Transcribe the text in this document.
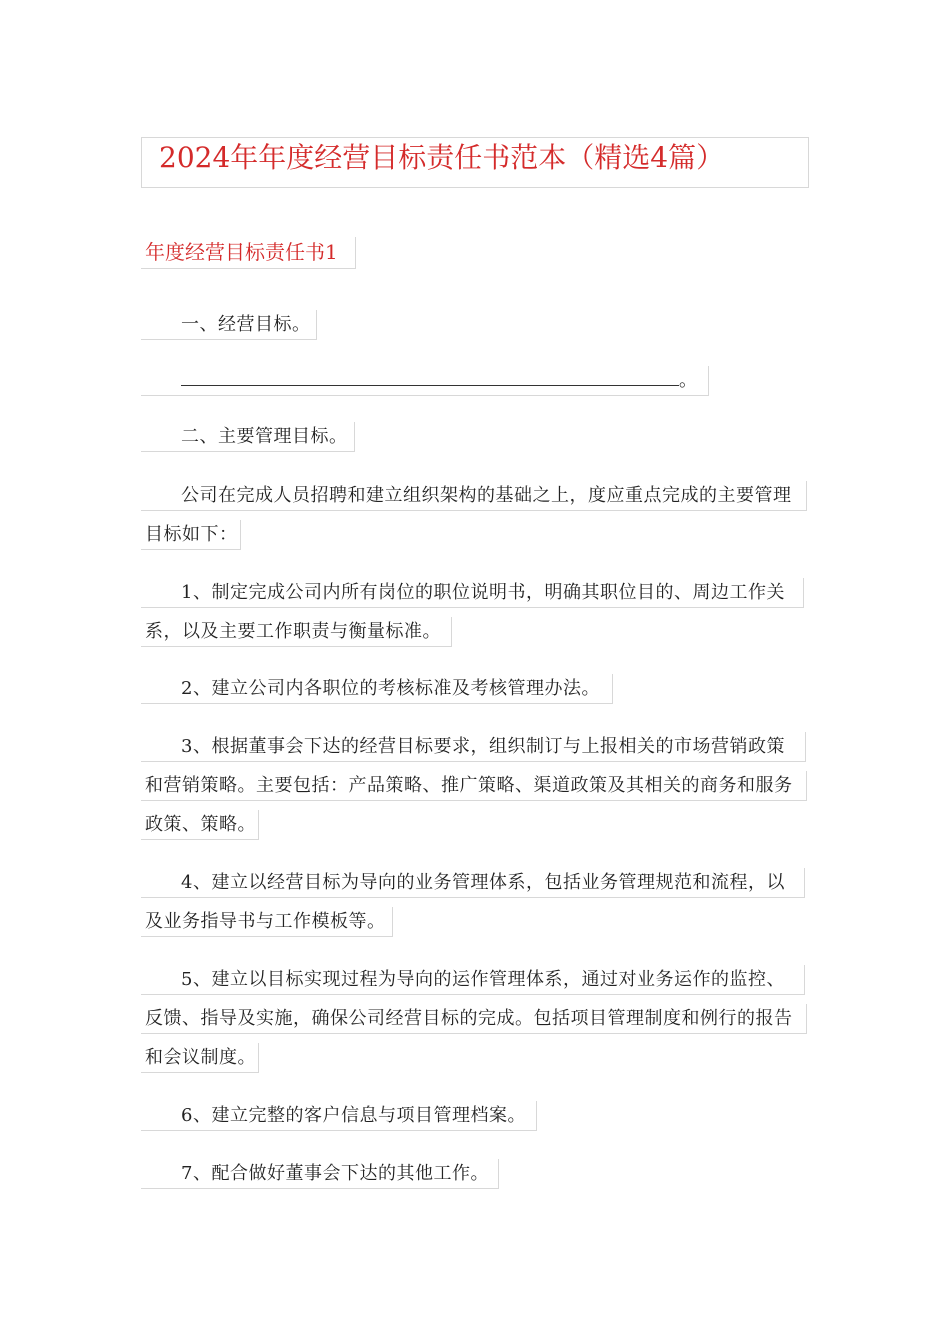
2024年年度经营目标责任书范本（精选4篇）
年度经营目标责任书1
一、经营目标。
。
二、主要管理目标。
公司在完成人员招聘和建立组织架构的基础之上，度应重点完成的主要管理
目标如下：
1、制定完成公司内所有岗位的职位说明书，明确其职位目的、周边工作关
系，以及主要工作职责与衡量标准。
2、建立公司内各职位的考核标准及考核管理办法。
3、根据董事会下达的经营目标要求，组织制订与上报相关的市场营销政策
和营销策略。主要包括：产品策略、推广策略、渠道政策及其相关的商务和服务
政策、策略。
4、建立以经营目标为导向的业务管理体系，包括业务管理规范和流程，以
及业务指导书与工作模板等。
5、建立以目标实现过程为导向的运作管理体系，通过对业务运作的监控、
反馈、指导及实施，确保公司经营目标的完成。包括项目管理制度和例行的报告
和会议制度。
6、建立完整的客户信息与项目管理档案。
7、配合做好董事会下达的其他工作。
